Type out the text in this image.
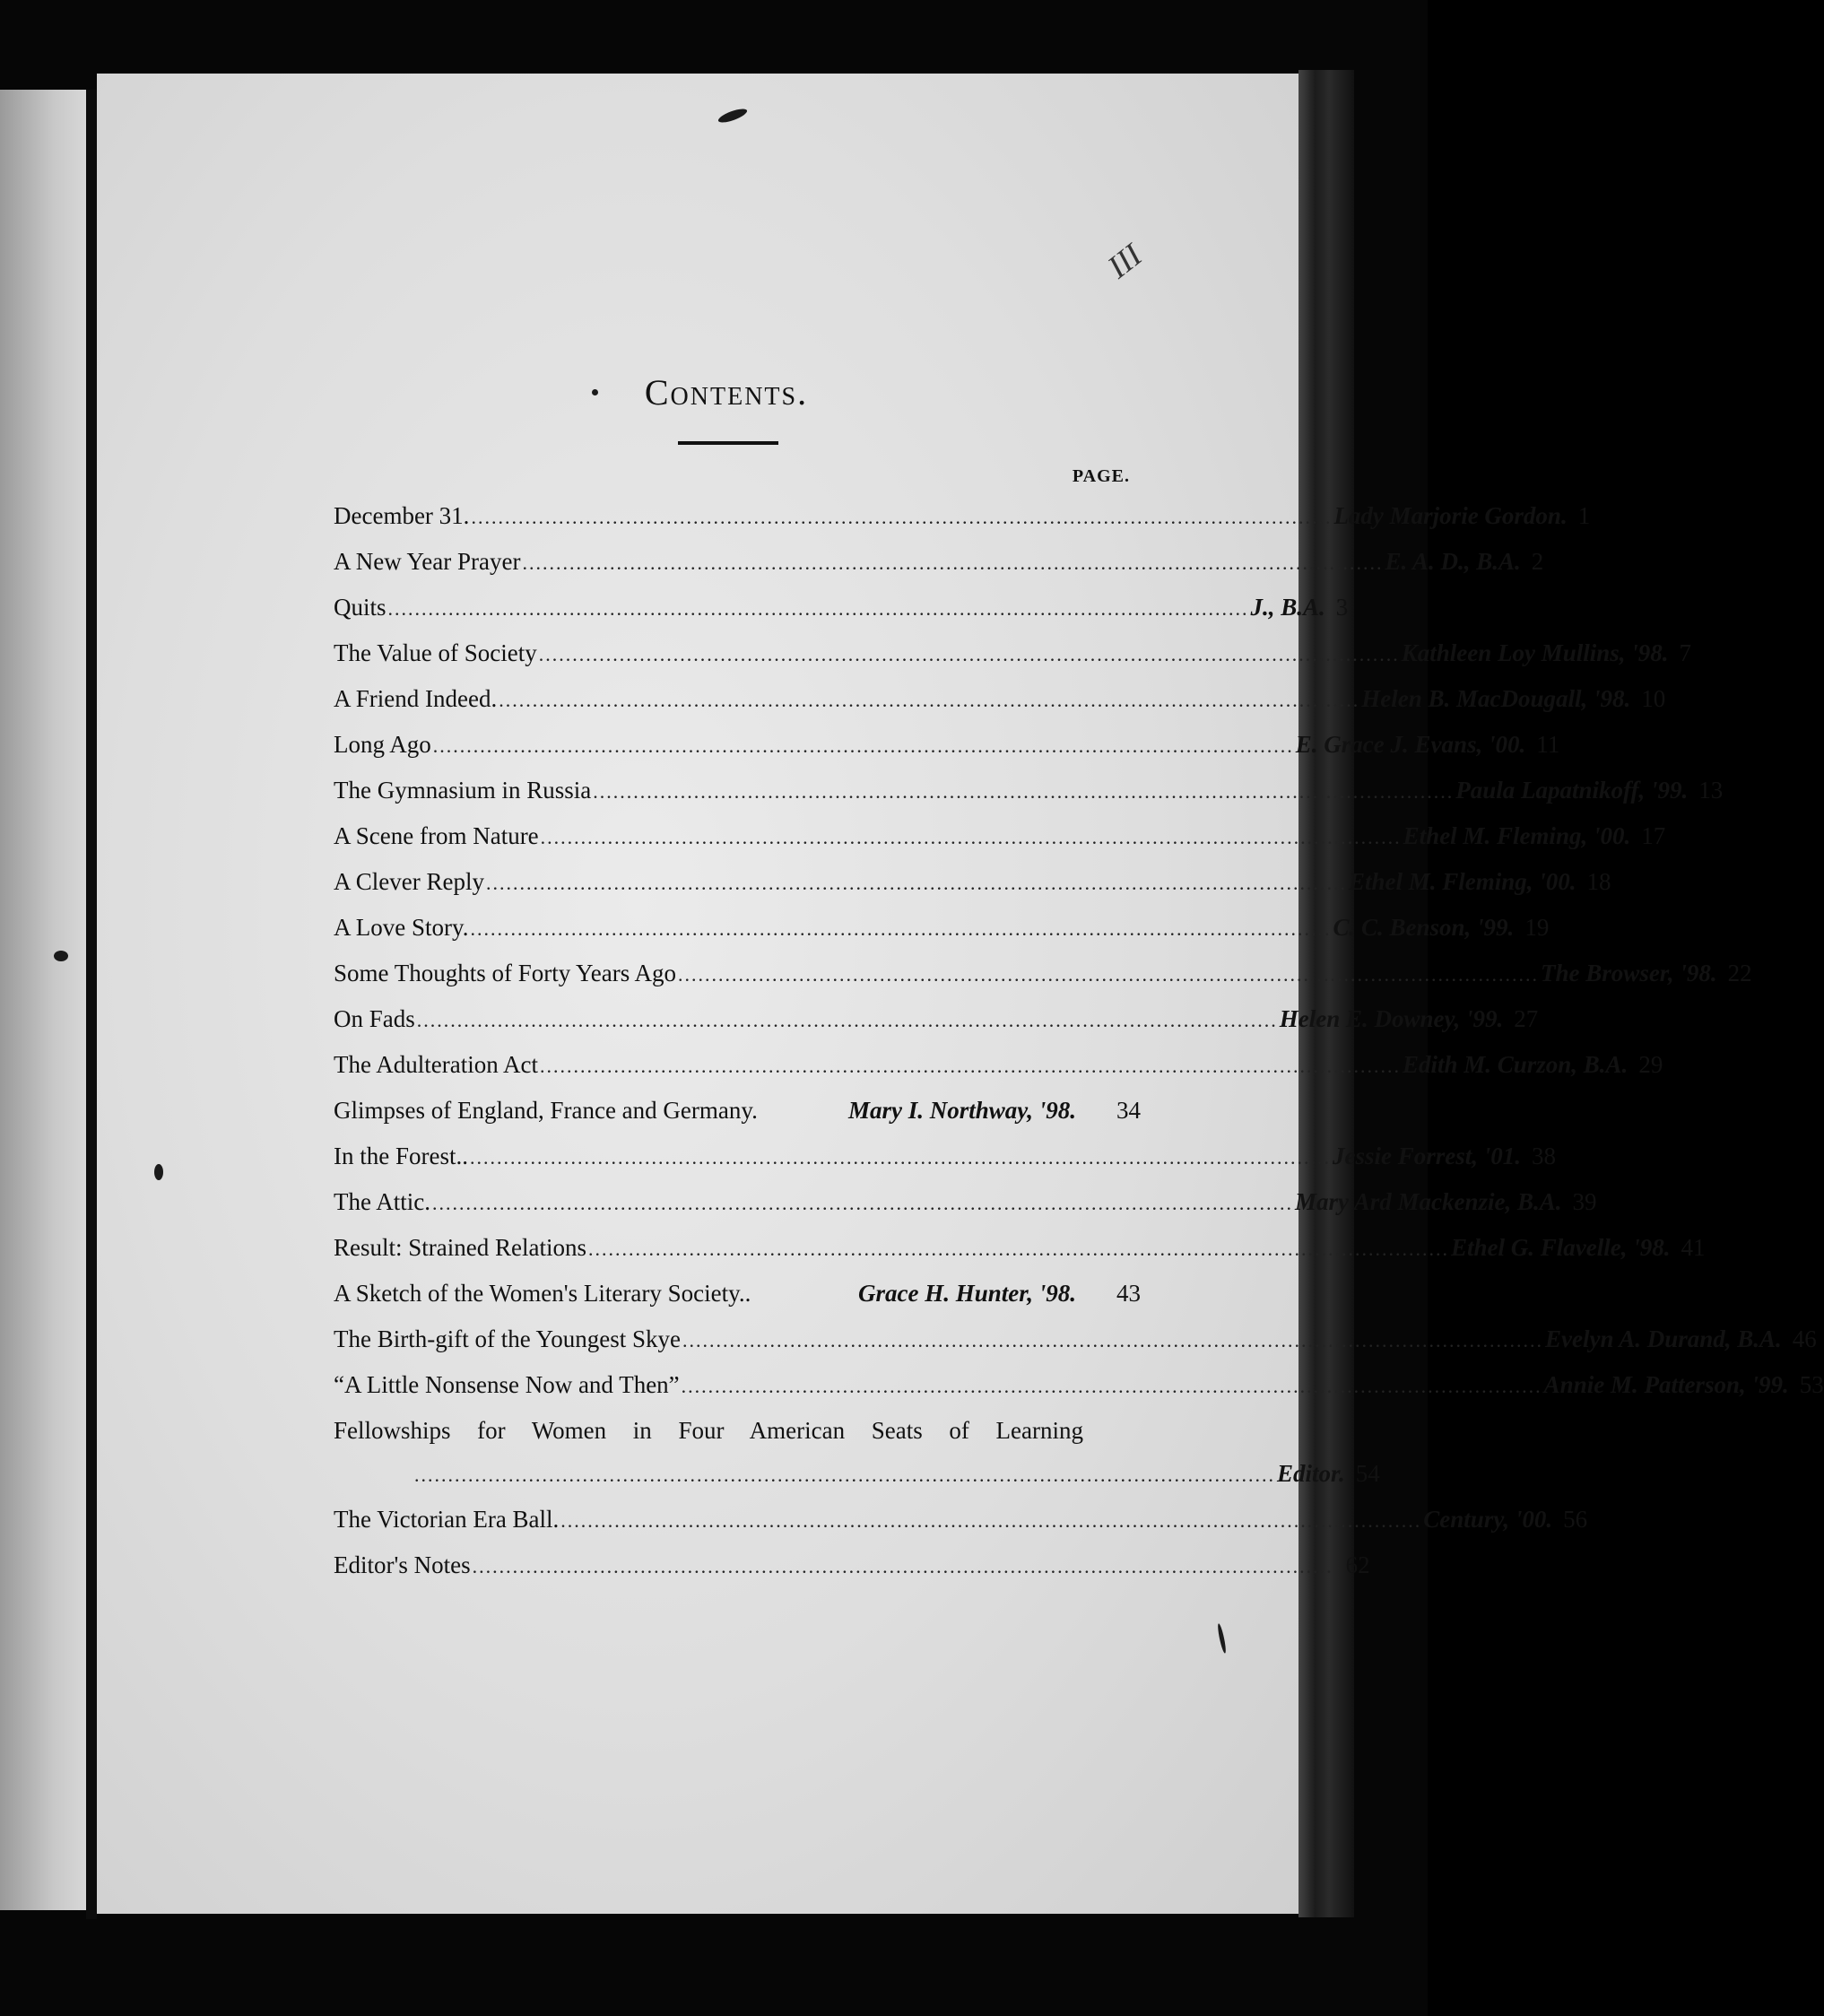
III
Contents.
PAGE.
December 31. ................................................................................................................................ Lady Marjorie Gordon. 1
A New Year Prayer ................................................................................................................................ E. A. D., B.A. 2
Quits ................................................................................................................................ J., B.A. 3
The Value of Society ................................................................................................................................ Kathleen Loy Mullins, '98. 7
A Friend Indeed. ................................................................................................................................ Helen B. MacDougall, '98. 10
Long Ago ................................................................................................................................ E. Grace J. Evans, '00. 11
The Gymnasium in Russia ................................................................................................................................ Paula Lapatnikoff, '99. 13
A Scene from Nature ................................................................................................................................ Ethel M. Fleming, '00. 17
A Clever Reply ................................................................................................................................ Ethel M. Fleming, '00. 18
A Love Story. ................................................................................................................................ C. C. Benson, '99. 19
Some Thoughts of Forty Years Ago ................................................................................................................................ The Browser, '98. 22
On Fads ................................................................................................................................ Helen E. Downey, '99. 27
The Adulteration Act ................................................................................................................................ Edith M. Curzon, B.A. 29
Glimpses of England, France and Germany.	Mary I. Northway, '98.	34
In the Forest.. ................................................................................................................................ Jessie Forrest, '01. 38
The Attic. ................................................................................................................................ Mary Ard Mackenzie, B.A. 39
Result: Strained Relations ................................................................................................................................ Ethel G. Flavelle, '98. 41
A Sketch of the Women's Literary Society..	Grace H. Hunter, '98.	43
The Birth-gift of the Youngest Skye ................................................................................................................................ Evelyn A. Durand, B.A. 46
“A Little Nonsense Now and Then” ................................................................................................................................ Annie M. Patterson, '99. 53
Fellowships for Women in Four American Seats of Learning
................................................................................................................................ Editor. 54
The Victorian Era Ball. ................................................................................................................................ Century, '00. 56
Editor's Notes ................................................................................................................................ 62
